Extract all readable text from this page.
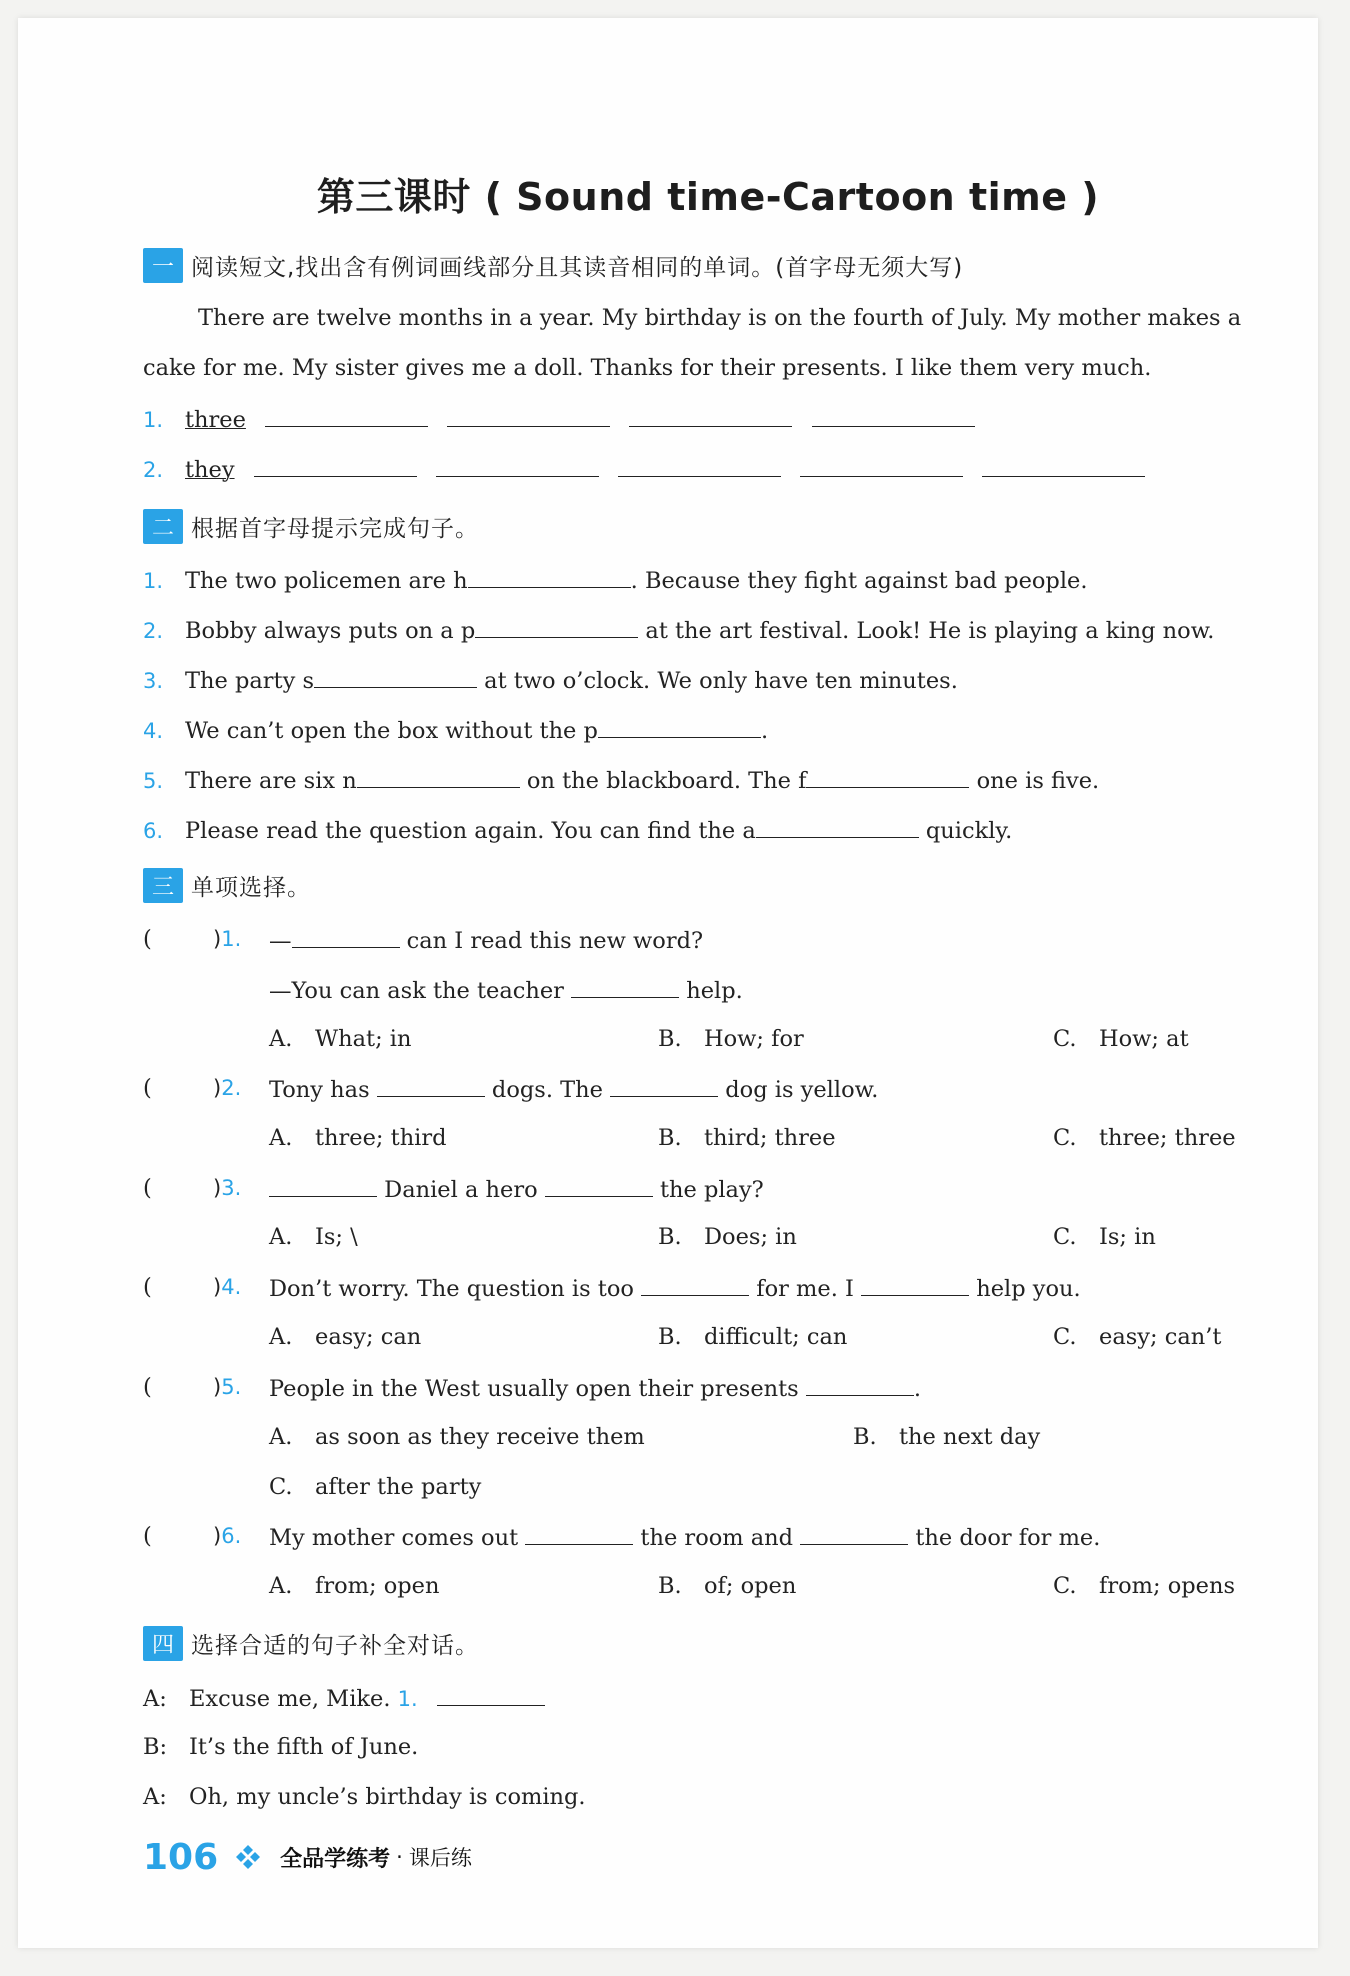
第三课时 ( Sound time-Cartoon time )
一 阅读短文,找出含有例词画线部分且其读音相同的单词。(首字母无须大写)
There are twelve months in a year. My birthday is on the fourth of July. My mother makes a
cake for me. My sister gives me a doll. Thanks for their presents. I like them very much.
1. three
2. they
二 根据首字母提示完成句子。
1. The two policemen are h	. Because they fight against bad people.
2. Bobby always puts on a p	at the art festival. Look! He is playing a king now.
3. The party s	at two o’clock. We only have ten minutes.
4. We can’t open the box without the p	.
5. There are six n	on the blackboard. The f	one is five.
6. Please read the question again. You can find the a	quickly.
三 单项选择。
(	)1. —	can I read this new word?
—You can ask the teacher	help.
A. What; in	B. How; for	C. How; at
(	)2. Tony has	dogs. The	dog is yellow.
A. three; third	B. third; three	C. three; three
(	)3.	Daniel a hero	the play?
A. Is; \	B. Does; in	C. Is; in
(	)4. Don’t worry. The question is too	for me. I	help you.
A. easy; can	B. difficult; can	C. easy; can’t
(	)5. People in the West usually open their presents	.
A. as soon as they receive them	B. the next day
C. after the party
(	)6. My mother comes out	the room and	the door for me.
A. from; open	B. of; open	C. from; opens
四 选择合适的句子补全对话。
A: Excuse me, Mike. 1.
B: It’s the fifth of June.
A: Oh, my uncle’s birthday is coming.
106	全品学练考 · 课后练
